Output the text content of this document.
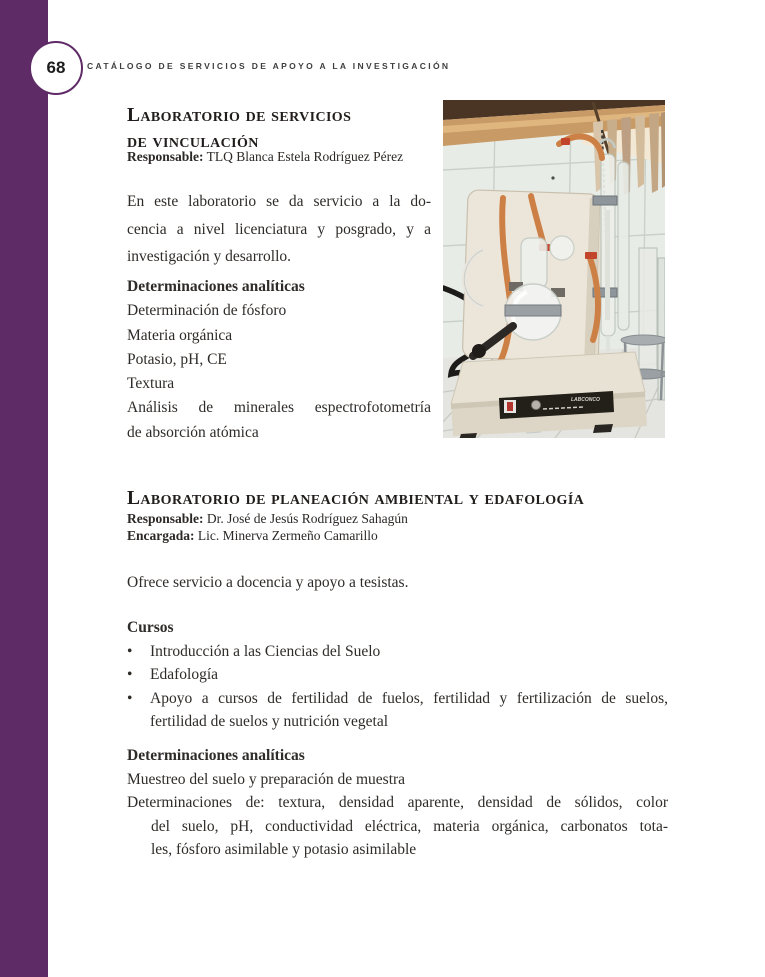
68	CATÁLOGO DE SERVICIOS DE APOYO A LA INVESTIGACIÓN
Laboratorio de servicios
de vinculación
Responsable: TLQ Blanca Estela Rodríguez Pérez
En este laboratorio se da servicio a la do-
cencia a nivel licenciatura y posgrado, y a
investigación y desarrollo.
Determinaciones analíticas
Determinación de fósforo
Materia orgánica
Potasio, pH, CE
Textura
Análisis de minerales espectrofotometría
de absorción atómica
LABCONCO
Laboratorio de planeación ambiental y edafología
Responsable: Dr. José de Jesús Rodríguez Sahagún
Encargada: Lic. Minerva Zermeño Camarillo
Ofrece servicio a docencia y apoyo a tesistas.
Cursos
•	Introducción a las Ciencias del Suelo
•	Edafología
•	Apoyo a cursos de fertilidad de fuelos, fertilidad y fertilización de suelos,
fertilidad de suelos y nutrición vegetal
Determinaciones analíticas
Muestreo del suelo y preparación de muestra
Determinaciones de: textura, densidad aparente, densidad de sólidos, color
del suelo, pH, conductividad eléctrica, materia orgánica, carbonatos tota-
les, fósforo asimilable y potasio asimilable
